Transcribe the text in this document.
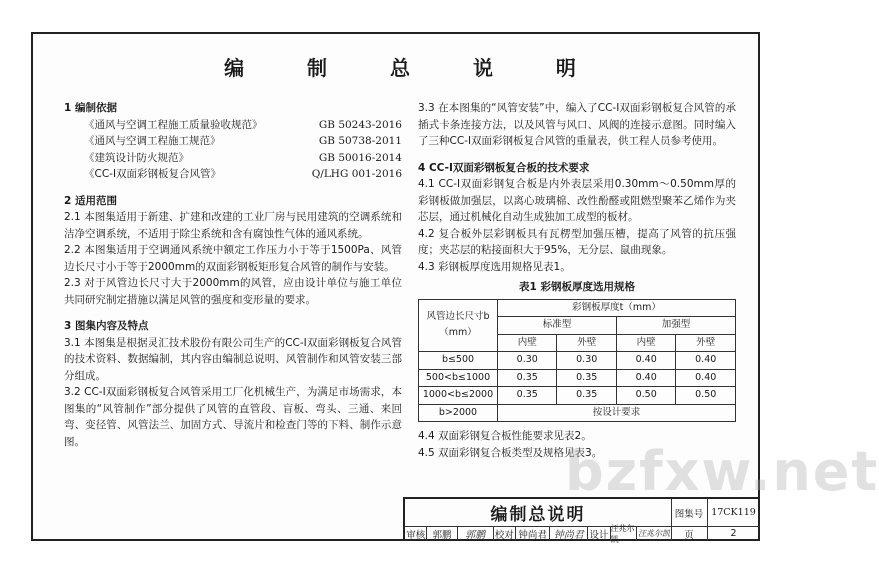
编 制 总 说 明
1 编制依据
《通风与空调工程施工质量验收规范》	GB 50243-2016
《通风与空调工程施工规范》	GB 50738-2011
《建筑设计防火规范》	GB 50016-2014
《CC-I双面彩钢板复合风管》	Q/LHG 001-2016
2 适用范围
2.1 本图集适用于新建、扩建和改建的工业厂房与民用建筑的空调系统和洁净空调系统，不适用于除尘系统和含有腐蚀性气体的通风系统。
2.2 本图集适用于空调通风系统中额定工作压力小于等于1500Pa、风管边长尺寸小于等于2000mm的双面彩钢板矩形复合风管的制作与安装。
2.3 对于风管边长尺寸大于2000mm的风管，应由设计单位与施工单位共同研究制定措施以满足风管的强度和变形量的要求。
3 图集内容及特点
3.1 本图集是根据灵汇技术股份有限公司生产的CC-I双面彩钢板复合风管的技术资料、数据编制，其内容由编制总说明、风管制作和风管安装三部分组成。
3.2 CC-I双面彩钢板复合风管采用工厂化机械生产，为满足市场需求，本图集的“风管制作”部分提供了风管的直管段、盲板、弯头、三通、来回弯、变径管、风管法兰、加固方式、导流片和检查门等的下料、制作示意图。
3.3 在本图集的“风管安装”中，编入了CC-I双面彩钢板复合风管的承插式卡条连接方法，以及风管与风口、风阀的连接示意图。同时编入了三种CC-I双面彩钢板复合风管的重量表，供工程人员参考使用。
4 CC-I双面彩钢板复合板的技术要求
4.1 CC-I双面彩钢复合板是内外表层采用0.30mm～0.50mm厚的彩钢板做加强层，以离心玻璃棉、改性酚醛或阻燃型聚苯乙烯作为夹芯层，通过机械化自动生成独加工成型的板材。
4.2 复合板外层彩钢板具有瓦楞型加强压槽，提高了风管的抗压强度；夹芯层的粘接面积大于95%，无分层、鼠曲现象。
4.3 彩钢板厚度选用规格见表1。
表1 彩钢板厚度选用规格
风管边长尺寸b（mm）	彩钢板厚度t（mm）			
	标准型		加强型	
	内壁	外壁	内壁	外壁
b≤500	0.30	0.30	0.40	0.40
500<b≤1000	0.35	0.35	0.40	0.40
1000<b≤2000	0.35	0.35	0.50	0.50
b>2000	按设计要求			
4.4 双面彩钢复合板性能要求见表2。
4.5 双面彩钢复合板类型及规格见表3。
bzfxw.net
编制总说明	图集号 17CK119
审核 郭鹏	郭鹏	校对 钟尚君 钟尚君 设计
汪兆尔凯
汪兆尔凯	页	2
